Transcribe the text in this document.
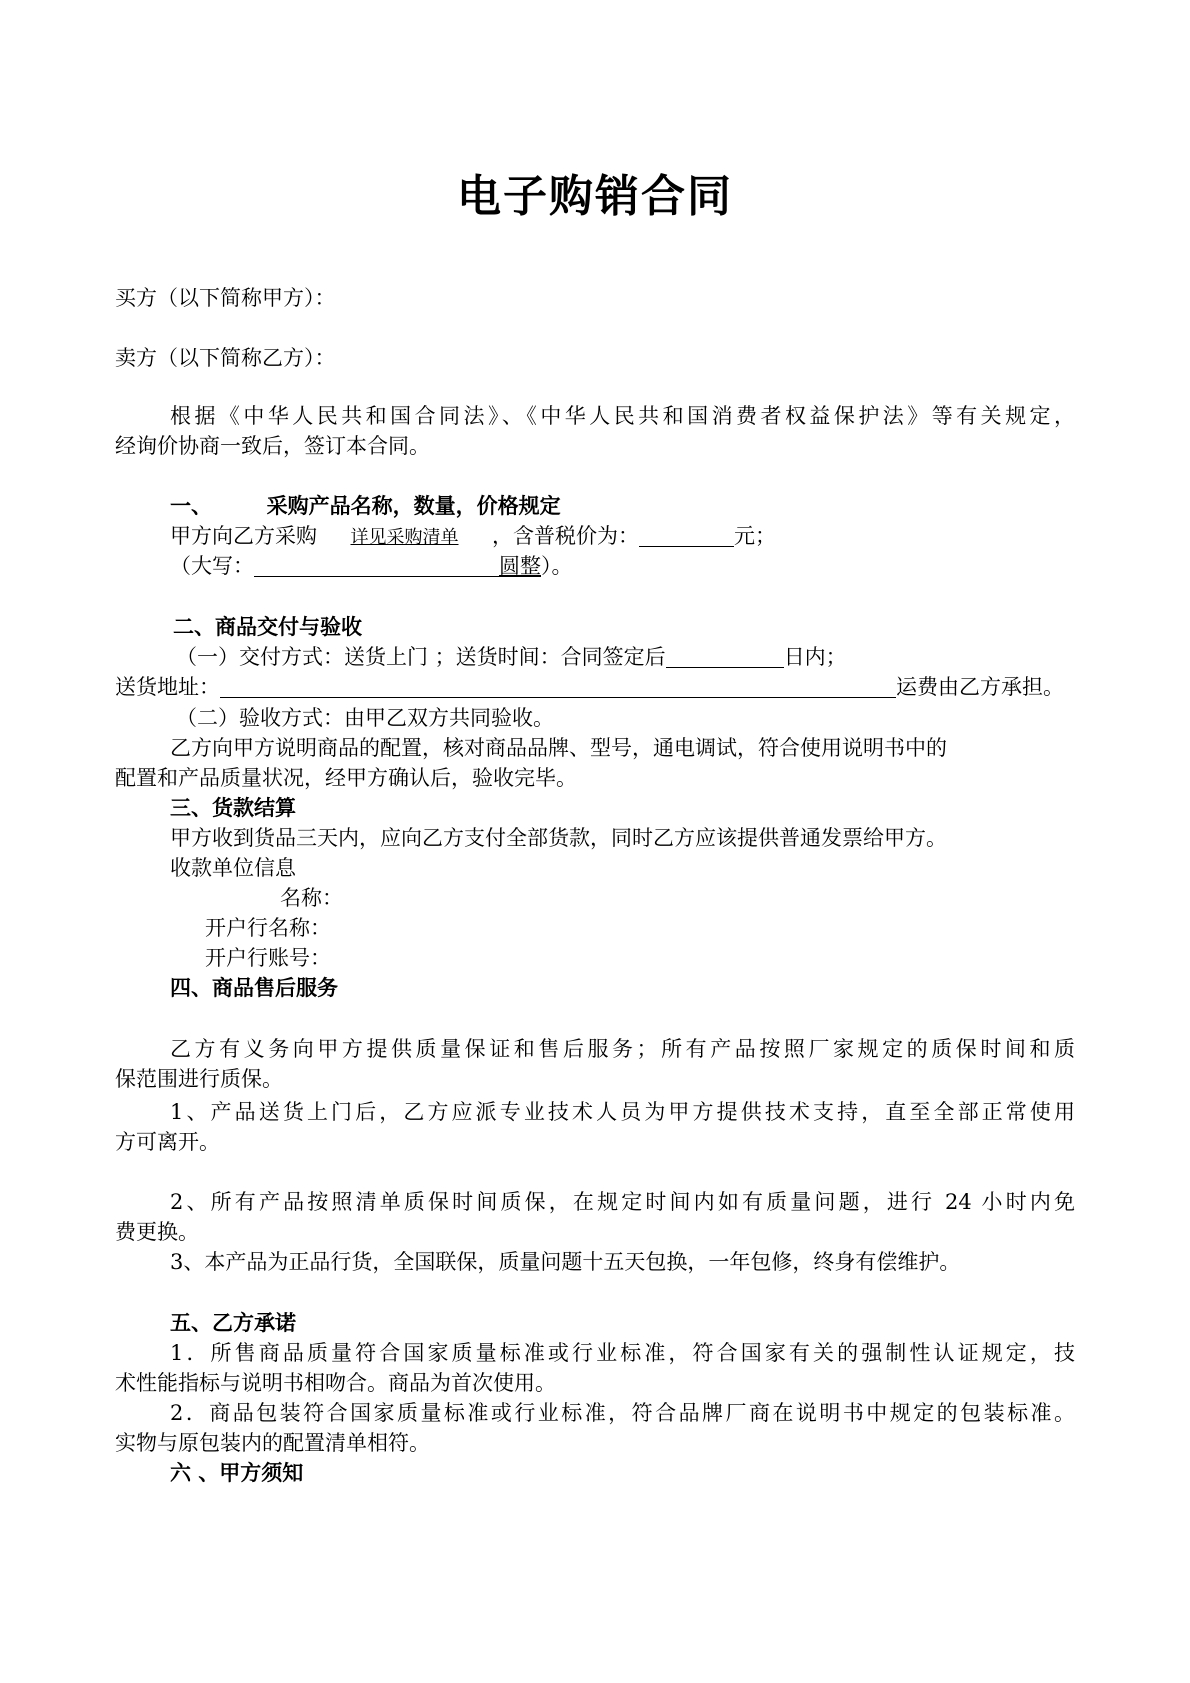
电子购销合同
买方（以下简称甲方）：
卖方（以下简称乙方）：
根据《中华人民共和国合同法》、《中华人民共和国消费者权益保护法》等有关规定，
经询价协商一致后，签订本合同。
一、	采购产品名称，数量，价格规定
甲方向乙方采购 详见采购清单 ，含普税价为：	元；
（大写：	圆整）。
二、商品交付与验收
（一）交付方式：送货上门 ；送货时间：合同签定后	日内；
送货地址：	运费由乙方承担。
（二）验收方式：由甲乙双方共同验收。
乙方向甲方说明商品的配置，核对商品品牌、型号，通电调试，符合使用说明书中的
配置和产品质量状况，经甲方确认后，验收完毕。
三、货款结算
甲方收到货品三天内，应向乙方支付全部货款，同时乙方应该提供普通发票给甲方。
收款单位信息
名称：
开户行名称：
开户行账号：
四、商品售后服务
乙方有义务向甲方提供质量保证和售后服务；所有产品按照厂家规定的质保时间和质
保范围进行质保。
1、产品送货上门后，乙方应派专业技术人员为甲方提供技术支持，直至全部正常使用
方可离开。
2、所有产品按照清单质保时间质保，在规定时间内如有质量问题，进行 24 小时内免
费更换。
3、本产品为正品行货，全国联保，质量问题十五天包换，一年包修，终身有偿维护。
五、乙方承诺
1．所售商品质量符合国家质量标准或行业标准，符合国家有关的强制性认证规定，技
术性能指标与说明书相吻合。商品为首次使用。
2．商品包装符合国家质量标准或行业标准，符合品牌厂商在说明书中规定的包装标准。
实物与原包装内的配置清单相符。
六 、甲方须知
